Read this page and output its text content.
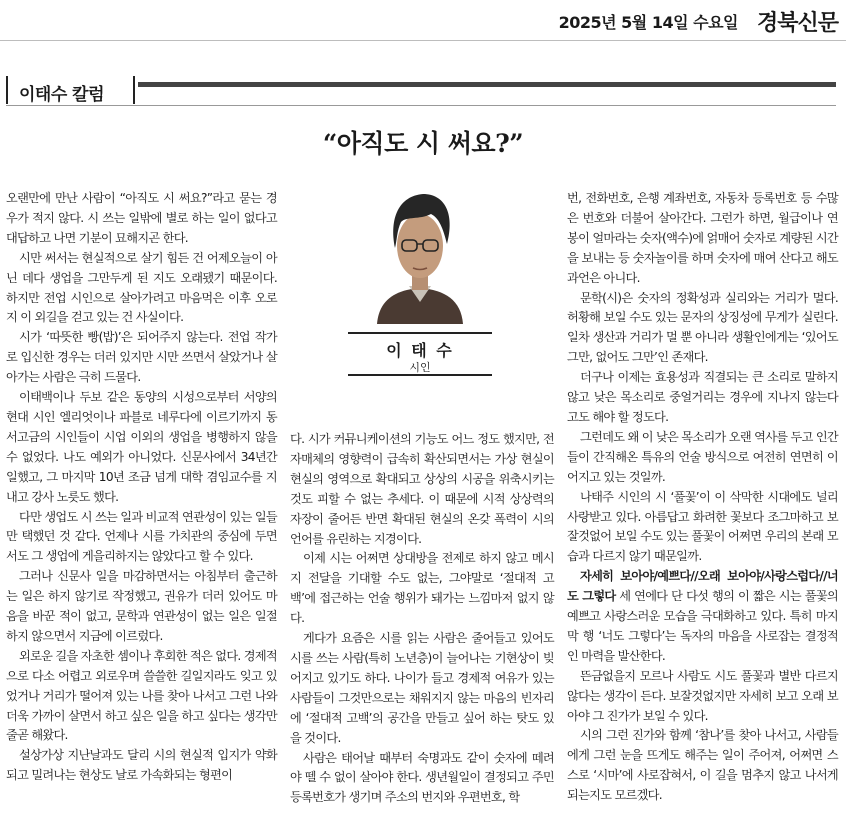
2025년 5월 14일 수요일 경북신문
이태수 칼럼
“아직도 시 써요?”

오랜만에 만난 사람이 “아직도 시 써요?”라고 묻는 경우가 적지 않다. 시 쓰는 일밖에 별로 하는 일이 없다고 대답하고 나면 기분이 묘해지곤 한다.

시만 써서는 현실적으로 살기 힘든 건 어제오늘이 아닌 데다 생업을 그만두게 된 지도 오래됐기 때문이다. 하지만 전업 시인으로 살아가려고 마음먹은 이후 오로지 이 외길을 걷고 있는 건 사실이다.

시가 ‘따뜻한 빵(밥)’은 되어주지 않는다. 전업 작가로 입신한 경우는 더러 있지만 시만 쓰면서 살았거나 살아가는 사람은 극히 드물다.

이태백이나 두보 같은 동양의 시성으로부터 서양의 현대 시인 엘리엇이나 파블로 네루다에 이르기까지 동서고금의 시인들이 시업 이외의 생업을 병행하지 않을 수 없었다. 나도 예외가 아니었다. 신문사에서 34년간 일했고, 그 마지막 10년 조금 넘게 대학 겸임교수를 지내고 강사 노릇도 했다.

다만 생업도 시 쓰는 일과 비교적 연관성이 있는 일들만 택했던 것 같다. 언제나 시를 가치관의 중심에 두면서도 그 생업에 게을리하지는 않았다고 할 수 있다.

그러나 신문사 일을 마감하면서는 아침부터 출근하는 일은 하지 않기로 작정했고, 권유가 더러 있어도 마음을 바꾼 적이 없고, 문학과 연관성이 없는 일은 일절 하지 않으면서 지금에 이르렀다.

외로운 길을 자초한 셈이나 후회한 적은 없다. 경제적으로 다소 어렵고 외로우며 쓸쓸한 길일지라도 잊고 있었거나 거리가 떨어져 있는 나를 찾아 나서고 그런 나와 더욱 가까이 살면서 하고 싶은 일을 하고 싶다는 생각만 줄곧 해왔다.

설상가상 지난날과도 달리 시의 현실적 입지가 약화되고 밀려나는 현상도 날로 가속화되는 형편이

이 태 수
시인

다. 시가 커뮤니케이션의 기능도 어느 정도 했지만, 전자매체의 영향력이 급속히 확산되면서는 가상 현실이 현실의 영역으로 확대되고 상상의 시공을 위축시키는 것도 피할 수 없는 추세다. 이 때문에 시적 상상력의 자장이 줄어든 반면 확대된 현실의 온갖 폭력이 시의 언어를 유린하는 지경이다.

이제 시는 어쩌면 상대방을 전제로 하지 않고 메시지 전달을 기대할 수도 없는, 그야말로 ‘절대적 고백’에 접근하는 언술 행위가 돼가는 느낌마저 없지 않다.

게다가 요즘은 시를 읽는 사람은 줄어들고 있어도 시를 쓰는 사람(특히 노년층)이 늘어나는 기현상이 빚어지고 있기도 하다. 나이가 들고 경제적 여유가 있는 사람들이 그것만으로는 채워지지 않는 마음의 빈자리에 ‘절대적 고백’의 공간을 만들고 싶어 하는 탓도 있을 것이다.

사람은 태어날 때부터 숙명과도 같이 숫자에 떼려야 뗄 수 없이 살아야 한다. 생년월일이 결정되고 주민등록번호가 생기며 주소의 번지와 우편번호, 학

번, 전화번호, 은행 계좌번호, 자동차 등록번호 등 수많은 번호와 더불어 살아간다. 그런가 하면, 월급이나 연봉이 얼마라는 숫자(액수)에 얽매어 숫자로 계량된 시간을 보내는 등 숫자놀이를 하며 숫자에 매여 산다고 해도 과언은 아니다.

문학(시)은 숫자의 정확성과 실리와는 거리가 멀다. 허황해 보일 수도 있는 문자의 상징성에 무게가 실린다. 일차 생산과 거리가 멀 뿐 아니라 생활인에게는 ‘있어도 그만, 없어도 그만’인 존재다.

더구나 이제는 효용성과 직결되는 큰 소리로 말하지 않고 낮은 목소리로 중얼거리는 경우에 지나지 않는다고도 해야 할 정도다.

그런데도 왜 이 낮은 목소리가 오랜 역사를 두고 인간들이 간직해온 특유의 언술 방식으로 여전히 연면히 이어지고 있는 것일까.

나태주 시인의 시 ‘풀꽃’이 이 삭막한 시대에도 널리 사랑받고 있다. 아름답고 화려한 꽃보다 조그마하고 보잘것없어 보일 수도 있는 풀꽃이 어쩌면 우리의 본래 모습과 다르지 않기 때문일까.

자세히 보아야/예쁘다//오래 보아야/사랑스럽다//너도 그렇다 세 연에다 단 다섯 행의 이 짧은 시는 풀꽃의 예쁘고 사랑스러운 모습을 극대화하고 있다. 특히 마지막 행 ‘너도 그렇다’는 독자의 마음을 사로잡는 결정적인 마력을 발산한다.

뜬금없을지 모르나 사람도 시도 풀꽃과 별반 다르지 않다는 생각이 든다. 보잘것없지만 자세히 보고 오래 보아야 그 진가가 보일 수 있다.

시의 그런 진가와 함께 ‘참나’를 찾아 나서고, 사람들에게 그런 눈을 뜨게도 해주는 일이 주어져, 어쩌면 스스로 ‘시마’에 사로잡혀서, 이 길을 멈추지 않고 나서게 되는지도 모르겠다.
